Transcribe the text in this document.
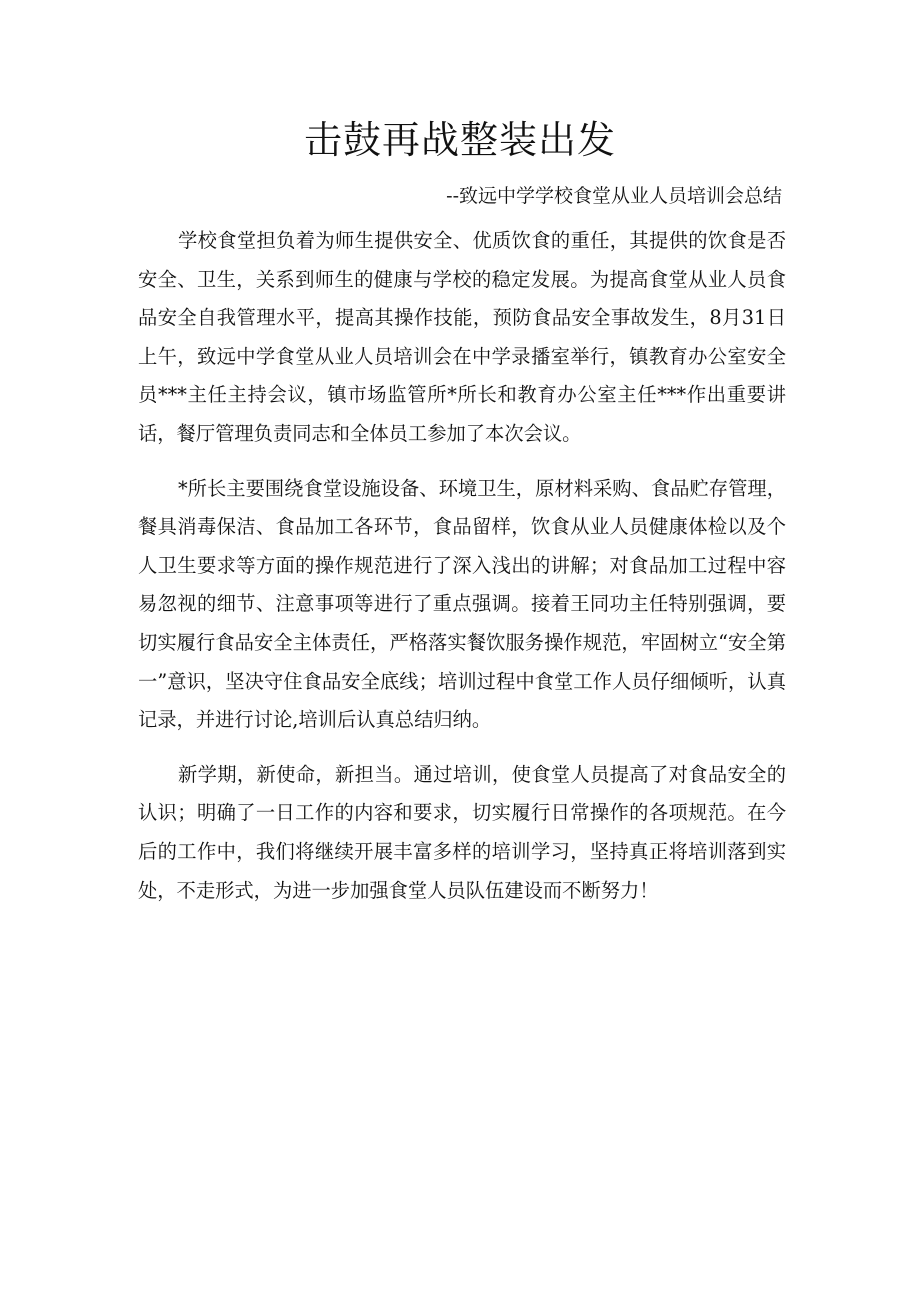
击鼓再战整装出发

--致远中学学校食堂从业人员培训会总结

学校食堂担负着为师生提供安全、优质饮食的重任，其提供的饮食是否安全、卫生，关系到师生的健康与学校的稳定发展。为提高食堂从业人员食品安全自我管理水平，提高其操作技能，预防食品安全事故发生，8月31日上午，致远中学食堂从业人员培训会在中学录播室举行，镇教育办公室安全员***主任主持会议，镇市场监管所*所长和教育办公室主任***作出重要讲话，餐厅管理负责同志和全体员工参加了本次会议。

*所长主要围绕食堂设施设备、环境卫生，原材料采购、食品贮存管理，餐具消毒保洁、食品加工各环节，食品留样，饮食从业人员健康体检以及个人卫生要求等方面的操作规范进行了深入浅出的讲解；对食品加工过程中容易忽视的细节、注意事项等进行了重点强调。接着王同功主任特别强调，要切实履行食品安全主体责任，严格落实餐饮服务操作规范，牢固树立“安全第一”意识，坚决守住食品安全底线；培训过程中食堂工作人员仔细倾听，认真记录，并进行讨论,培训后认真总结归纳。

新学期，新使命，新担当。通过培训，使食堂人员提高了对食品安全的认识；明确了一日工作的内容和要求，切实履行日常操作的各项规范。在今后的工作中，我们将继续开展丰富多样的培训学习，坚持真正将培训落到实处，不走形式，为进一步加强食堂人员队伍建设而不断努力！
